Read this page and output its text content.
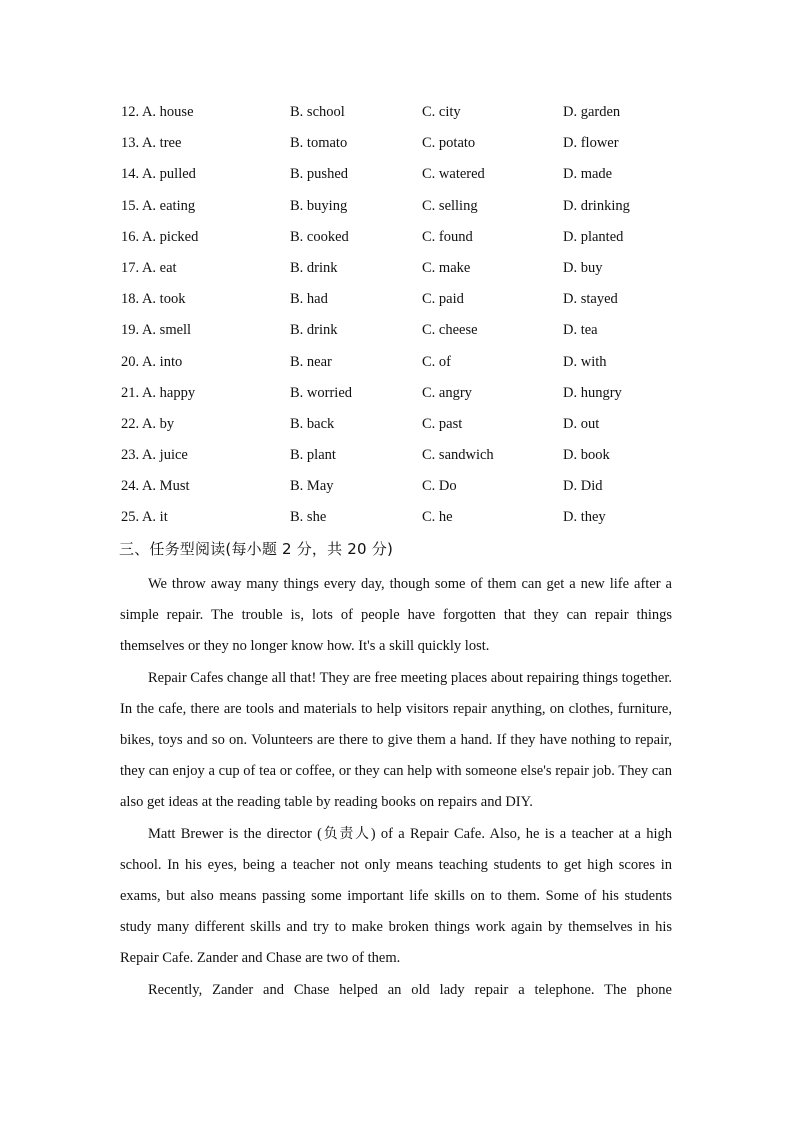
12. A. house	B. school	C. city	D. garden
13. A. tree	B. tomato	C. potato	D. flower
14. A. pulled	B. pushed	C. watered	D. made
15. A. eating	B. buying	C. selling	D. drinking
16. A. picked	B. cooked	C. found	D. planted
17. A. eat	B. drink	C. make	D. buy
18. A. took	B. had	C. paid	D. stayed
19. A. smell	B. drink	C. cheese	D. tea
20. A. into	B. near	C. of	D. with
21. A. happy	B. worried	C. angry	D. hungry
22. A. by	B. back	C. past	D. out
23. A. juice	B. plant	C. sandwich	D. book
24. A. Must	B. May	C. Do	D. Did
25. A. it	B. she	C. he	D. they
三、任务型阅读(每小题 2 分，共 20 分)

We throw away many things every day, though some of them can get a new life after a simple repair. The trouble is, lots of people have forgotten that they can repair things themselves or they no longer know how. It's a skill quickly lost.

Repair Cafes change all that! They are free meeting places about repairing things together. In the cafe, there are tools and materials to help visitors repair anything, on clothes, furniture, bikes, toys and so on. Volunteers are there to give them a hand. If they have nothing to repair, they can enjoy a cup of tea or coffee, or they can help with someone else's repair job. They can also get ideas at the reading table by reading books on repairs and DIY.

Matt Brewer is the director (负责人) of a Repair Cafe. Also, he is a teacher at a high school. In his eyes, being a teacher not only means teaching students to get high scores in exams, but also means passing some important life skills on to them. Some of his students study many different skills and try to make broken things work again by themselves in his Repair Cafe. Zander and Chase are two of them.

Recently, Zander and Chase helped an old lady repair a telephone. The phone
